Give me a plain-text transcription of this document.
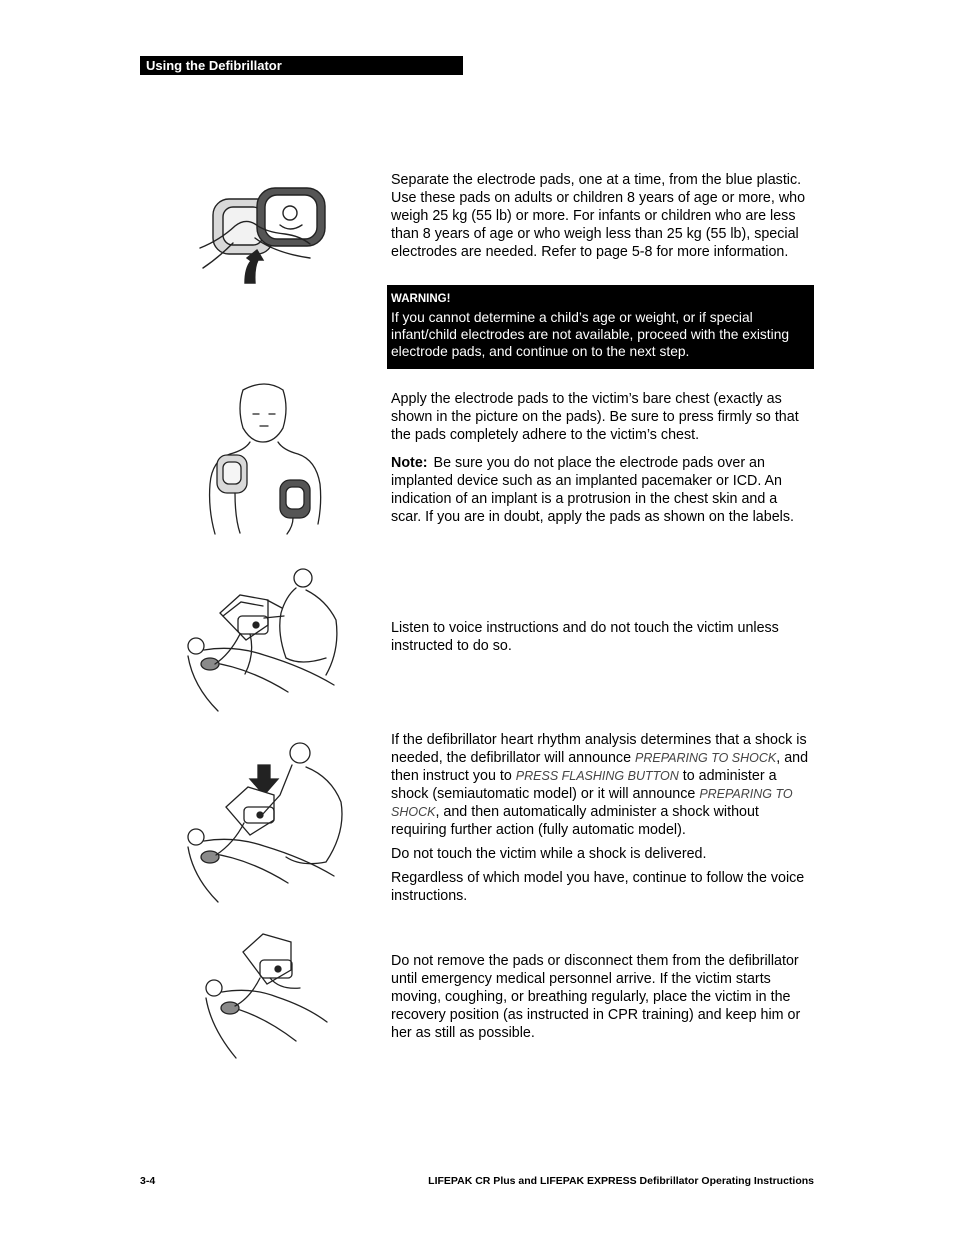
Using the Defibrillator

Separate the electrode pads, one at a time, from the blue plastic. Use these pads on adults or children 8 years of age or more, who weigh 25 kg (55 lb) or more. For infants or children who are less than 8 years of age or who weigh less than 25 kg (55 lb), special electrodes are needed. Refer to page 5-8 for more information.

WARNING!
If you cannot determine a child’s age or weight, or if special infant/child electrodes are not available, proceed with the existing electrode pads, and continue on to the next step.

Apply the electrode pads to the victim’s bare chest (exactly as shown in the picture on the pads). Be sure to press firmly so that the pads completely adhere to the victim’s chest.

Note: Be sure you do not place the electrode pads over an implanted device such as an implanted pacemaker or ICD. An indication of an implant is a protrusion in the chest skin and a scar. If you are in doubt, apply the pads as shown on the labels.

Listen to voice instructions and do not touch the victim unless instructed to do so.

If the defibrillator heart rhythm analysis determines that a shock is needed, the defibrillator will announce PREPARING TO SHOCK, and then instruct you to PRESS FLASHING BUTTON to administer a shock (semiautomatic model) or it will announce PREPARING TO SHOCK, and then automatically administer a shock without requiring further action (fully automatic model).

Do not touch the victim while a shock is delivered.

Regardless of which model you have, continue to follow the voice instructions.

Do not remove the pads or disconnect them from the defibrillator until emergency medical personnel arrive. If the victim starts moving, coughing, or breathing regularly, place the victim in the recovery position (as instructed in CPR training) and keep him or her as still as possible.

3-4	LIFEPAK CR Plus and LIFEPAK EXPRESS Defibrillator Operating Instructions
